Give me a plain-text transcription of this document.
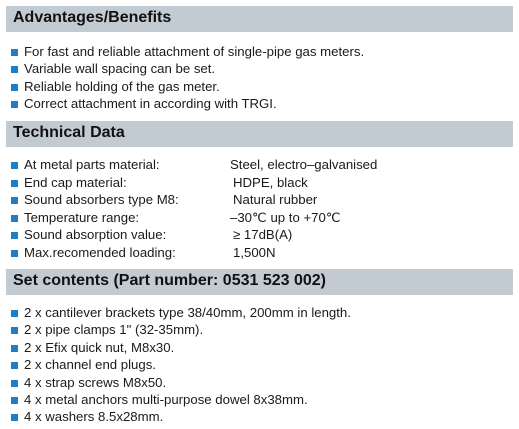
Advantages/Benefits
For fast and reliable attachment of single-pipe gas meters.
Variable wall spacing can be set.
Reliable holding of the gas meter.
Correct attachment in according with TRGI.
Technical Data
At metal parts material:	Steel, electro–galvanised
End cap material:	HDPE, black
Sound absorbers type M8:	Natural rubber
Temperature range:	–30℃ up to +70℃
Sound absorption value:	≥ 17dB(A)
Max.recomended loading:	1,500N
Set contents (Part number: 0531 523 002)
2 x cantilever brackets type 38/40mm, 200mm in length.
2 x pipe clamps 1" (32-35mm).
2 x Efix quick nut, M8x30.
2 x channel end plugs.
4 x strap screws M8x50.
4 x metal anchors multi-purpose dowel 8x38mm.
4 x washers 8.5x28mm.
